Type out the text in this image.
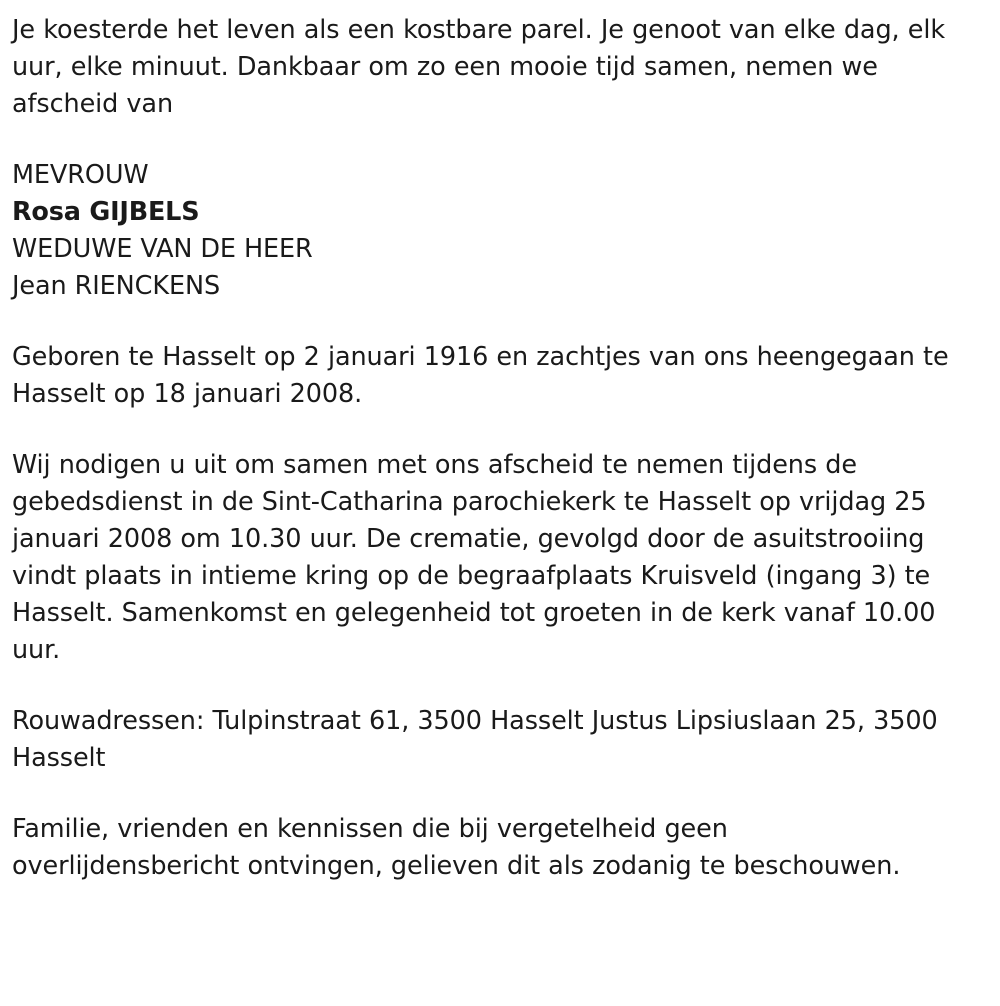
Je koesterde het leven als een kostbare parel. Je genoot van elke dag, elk uur, elke minuut. Dankbaar om zo een mooie tijd samen, nemen we afscheid van

MEVROUW
Rosa GIJBELS
WEDUWE VAN DE HEER
Jean RIENCKENS

Geboren te Hasselt op 2 januari 1916 en zachtjes van ons heengegaan te Hasselt op 18 januari 2008.

Wij nodigen u uit om samen met ons afscheid te nemen tijdens de gebedsdienst in de Sint-Catharina parochiekerk te Hasselt op vrijdag 25 januari 2008 om 10.30 uur. De crematie, gevolgd door de asuitstrooiing vindt plaats in intieme kring op de begraafplaats Kruisveld (ingang 3) te Hasselt. Samenkomst en gelegenheid tot groeten in de kerk vanaf 10.00 uur.

Rouwadressen: Tulpinstraat 61, 3500 Hasselt Justus Lipsiuslaan 25, 3500 Hasselt

Familie, vrienden en kennissen die bij vergetelheid geen overlijdensbericht ontvingen, gelieven dit als zodanig te beschouwen.
